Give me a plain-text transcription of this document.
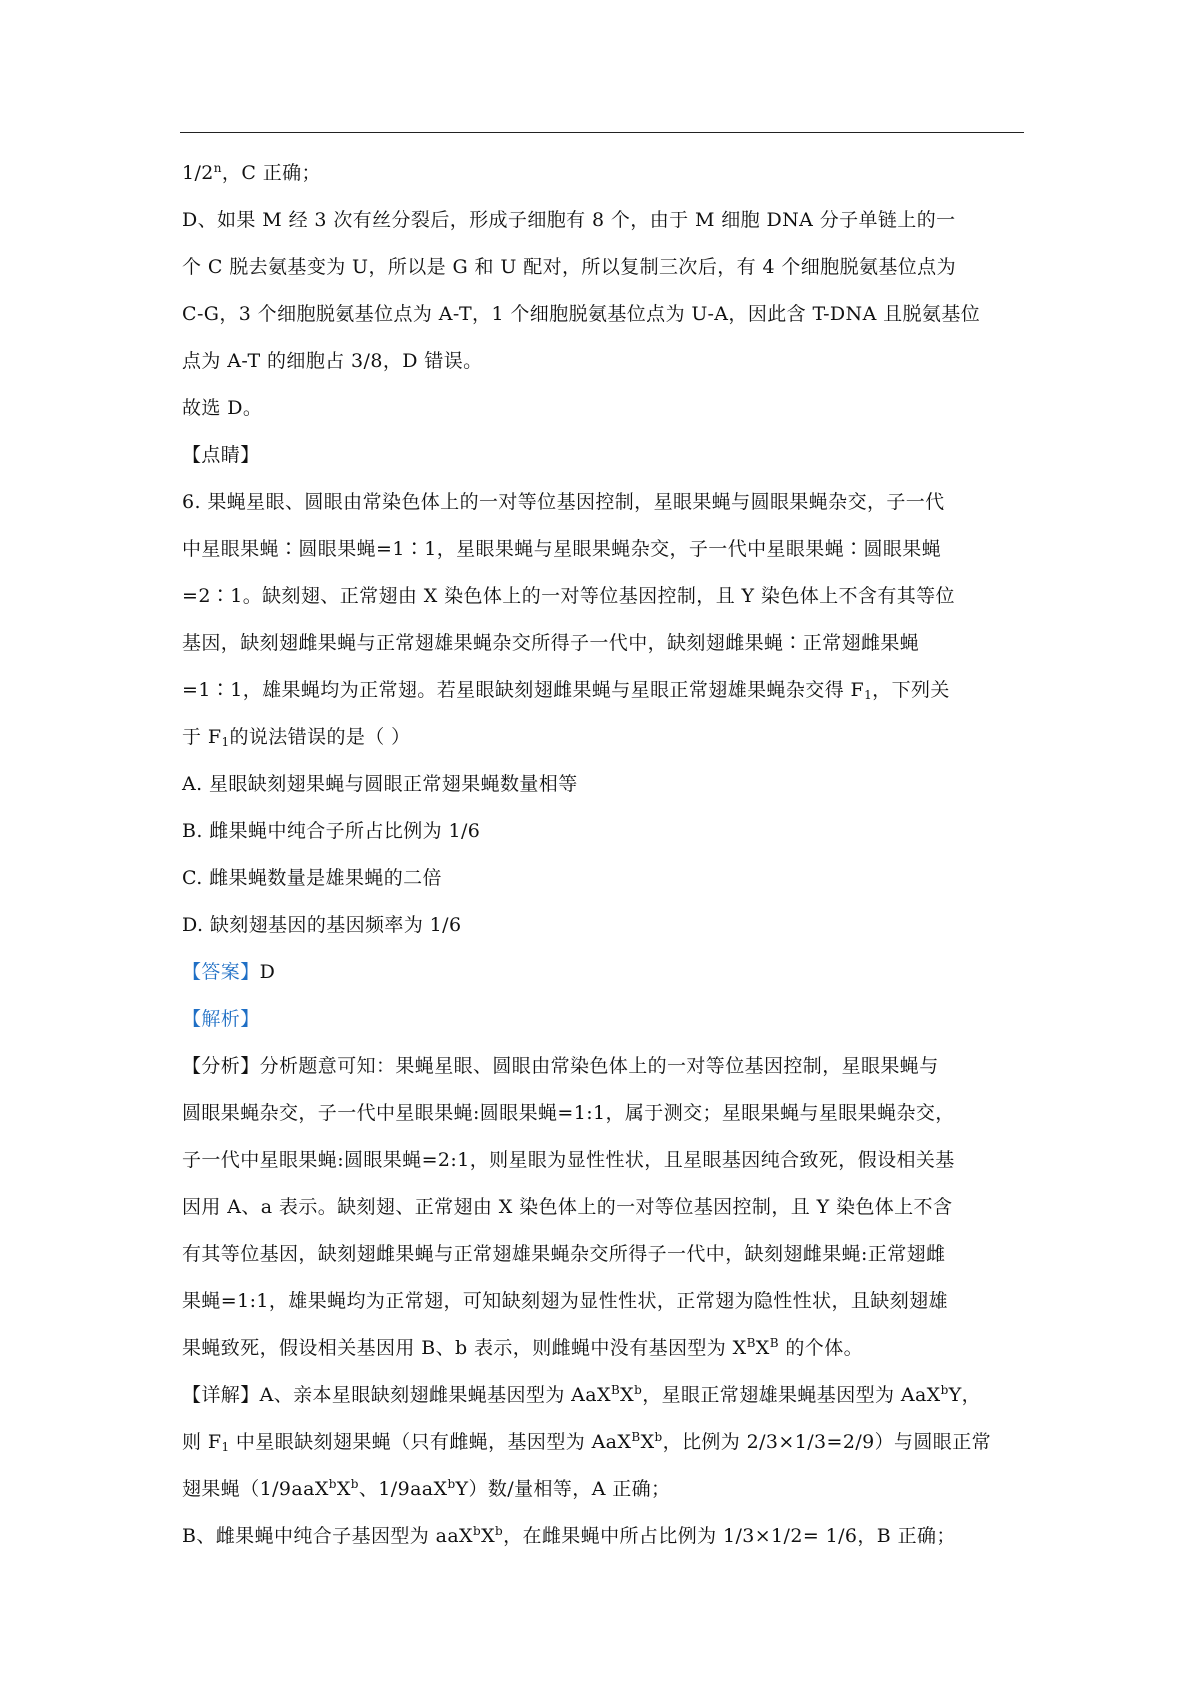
1/2$^n$，C 正确；

D、如果 M 经 3 次有丝分裂后，形成子细胞有 8 个，由于 M 细胞 DNA 分子单链上的一

个 C 脱去氨基变为 U，所以是 G 和 U 配对，所以复制三次后，有 4 个细胞脱氨基位点为

C-G，3 个细胞脱氨基位点为 A-T，1 个细胞脱氨基位点为 U-A，因此含 T-DNA 且脱氨基位

点为 A-T 的细胞占 3/8，D 错误。

故选 D。

【点睛】

6. 果蝇星眼、圆眼由常染色体上的一对等位基因控制，星眼果蝇与圆眼果蝇杂交，子一代

中星眼果蝇∶圆眼果蝇=1∶1，星眼果蝇与星眼果蝇杂交，子一代中星眼果蝇∶圆眼果蝇

=2∶1。缺刻翅、正常翅由 X 染色体上的一对等位基因控制，且 Y 染色体上不含有其等位

基因，缺刻翅雌果蝇与正常翅雄果蝇杂交所得子一代中，缺刻翅雌果蝇∶正常翅雌果蝇

=1∶1，雄果蝇均为正常翅。若星眼缺刻翅雌果蝇与星眼正常翅雄果蝇杂交得 $F_1$，下列关

于 $F_1$的说法错误的是（ ）

A. 星眼缺刻翅果蝇与圆眼正常翅果蝇数量相等

B. 雌果蝇中纯合子所占比例为 1/6

C. 雌果蝇数量是雄果蝇的二倍

D. 缺刻翅基因的基因频率为 1/6

【答案】D

【解析】

【分析】分析题意可知：果蝇星眼、圆眼由常染色体上的一对等位基因控制，星眼果蝇与

圆眼果蝇杂交，子一代中星眼果蝇:圆眼果蝇=1:1，属于测交；星眼果蝇与星眼果蝇杂交，

子一代中星眼果蝇:圆眼果蝇=2:1，则星眼为显性性状，且星眼基因纯合致死，假设相关基

因用 A、a 表示。缺刻翅、正常翅由 X 染色体上的一对等位基因控制，且 Y 染色体上不含

有其等位基因，缺刻翅雌果蝇与正常翅雄果蝇杂交所得子一代中，缺刻翅雌果蝇:正常翅雌

果蝇=1:1，雄果蝇均为正常翅，可知缺刻翅为显性性状，正常翅为隐性性状，且缺刻翅雄

果蝇致死，假设相关基因用 B、b 表示，则雌蝇中没有基因型为 $X^BX^B$ 的个体。

【详解】A、亲本星眼缺刻翅雌果蝇基因型为 $AaX^BX^b$，星眼正常翅雄果蝇基因型为 AaX$^b$Y，

则 $F_1$ 中星眼缺刻翅果蝇（只有雌蝇，基因型为 $AaX^BX^b$，比例为 2/3×1/3=2/9）与圆眼正常

翅果蝇（$1/9aaX^bX^b$、1/9aaX$^b$Y）数/量相等，A 正确；

B、雌果蝇中纯合子基因型为 $aaX^bX^b$，在雌果蝇中所占比例为 1/3×1/2= 1/6，B 正确；
